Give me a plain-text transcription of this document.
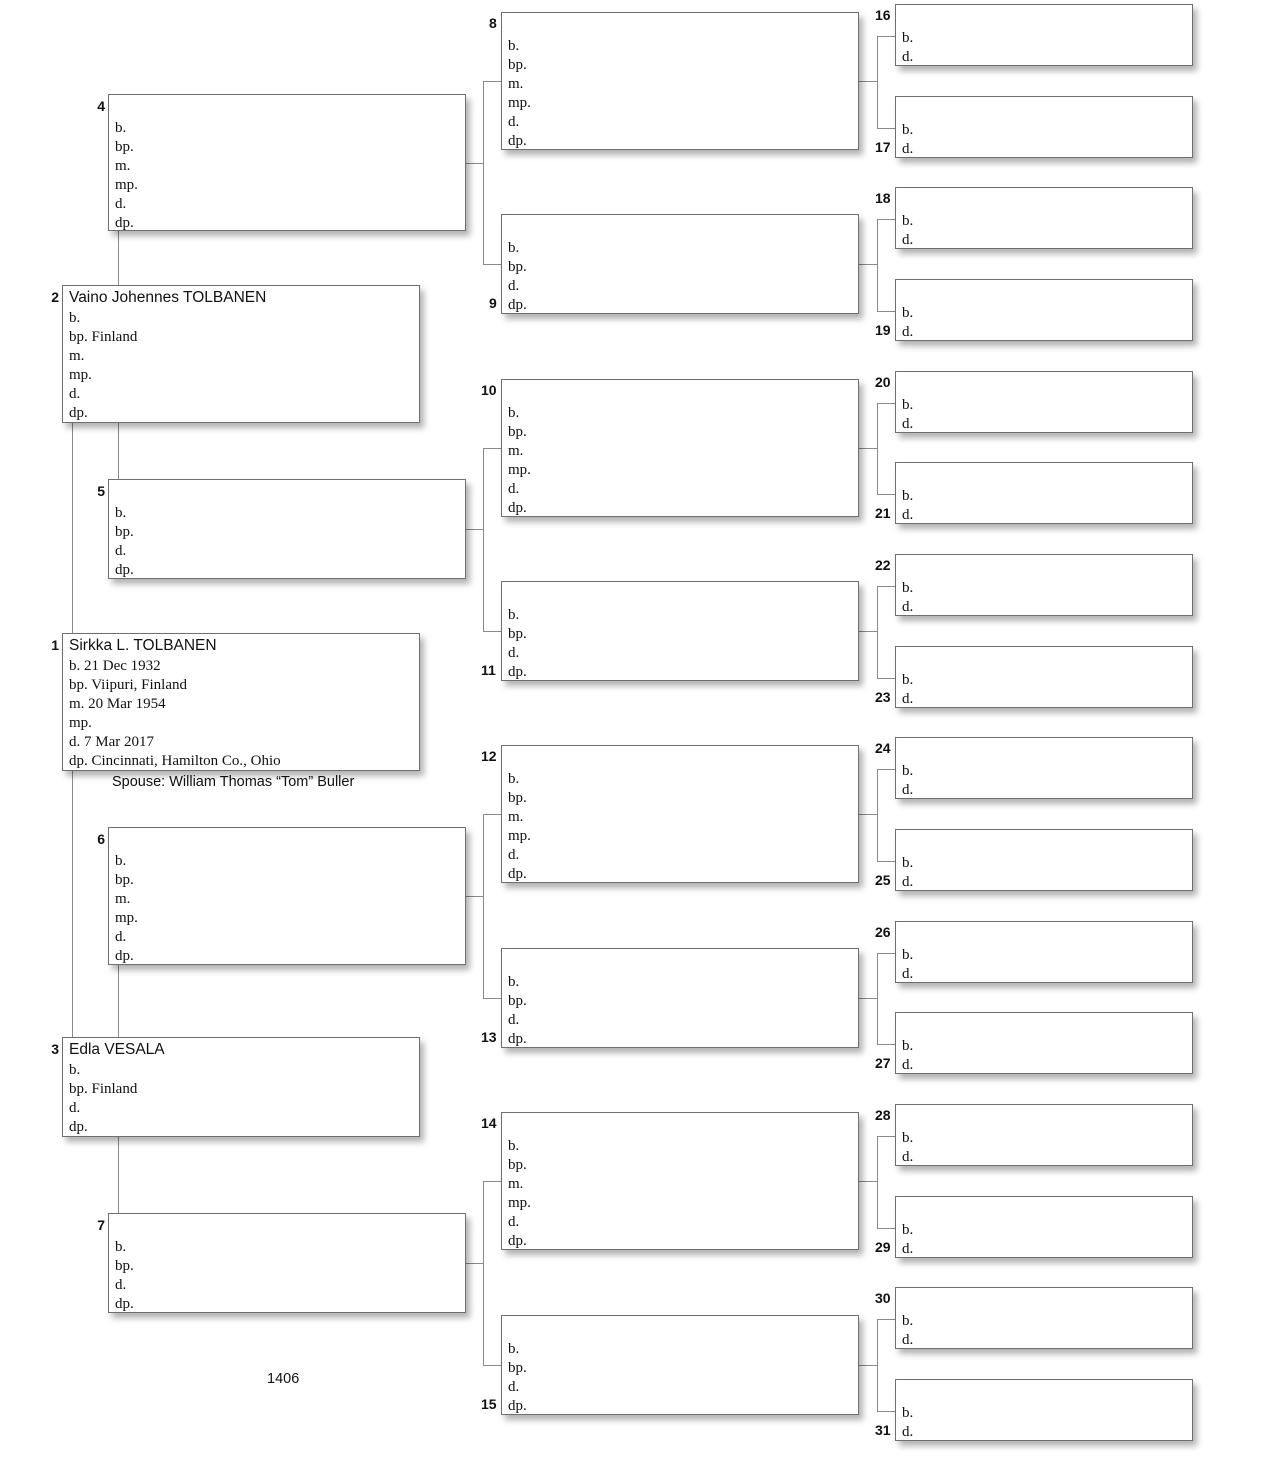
Sirkka L. TOLBANEN
b. 21 Dec 1932
bp. Viipuri, Finland
m. 20 Mar 1954
mp.
d. 7 Mar 2017
dp. Cincinnati, Hamilton Co., Ohio
1
Vaino Johennes TOLBANEN
b.
bp. Finland
m.
mp.
d.
dp.
2
Edla VESALA
b.
bp. Finland
d.
dp.
3
b.
bp.
m.
mp.
d.
dp.
4
b.
bp.
d.
dp.
5
b.
bp.
m.
mp.
d.
dp.
6
b.
bp.
d.
dp.
7
b.
bp.
m.
mp.
d.
dp.
8
b.
bp.
d.
dp.
9
b.
bp.
m.
mp.
d.
dp.
10
b.
bp.
d.
dp.
11
b.
bp.
m.
mp.
d.
dp.
12
b.
bp.
d.
dp.
13
b.
bp.
m.
mp.
d.
dp.
14
b.
bp.
d.
dp.
15
b.
d.
16
b.
d.
17
b.
d.
18
b.
d.
19
b.
d.
20
b.
d.
21
b.
d.
22
b.
d.
23
b.
d.
24
b.
d.
25
b.
d.
26
b.
d.
27
b.
d.
28
b.
d.
29
b.
d.
30
b.
d.
31
Spouse: William Thomas “Tom” Buller
1406
